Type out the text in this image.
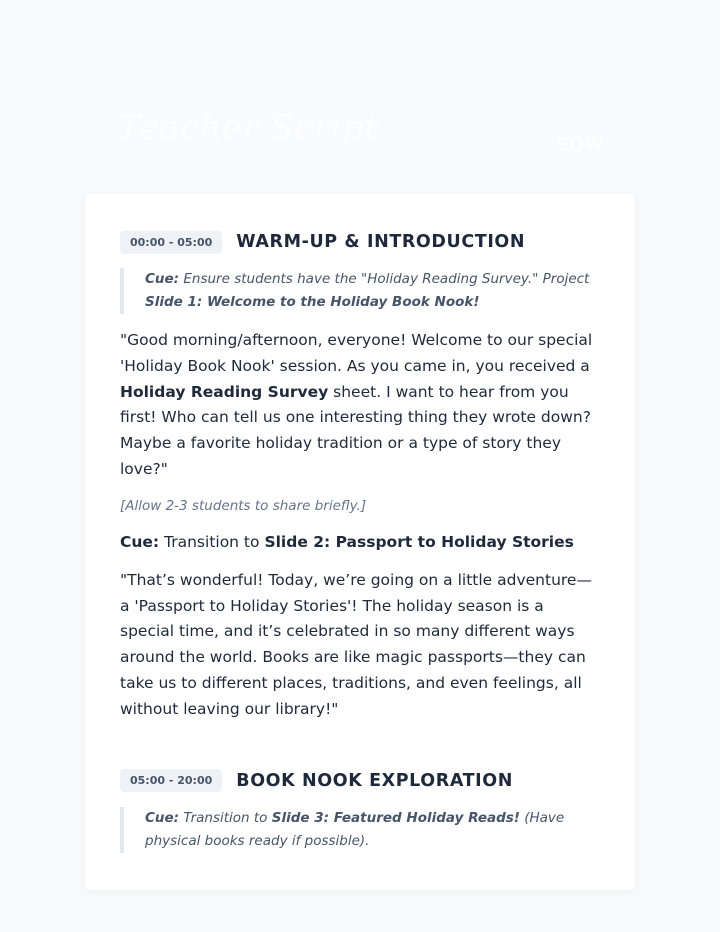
Teacher Script	SOW
00:00 - 05:00	WARM-UP & INTRODUCTION
Cue: Ensure students have the "Holiday Reading Survey." Project Slide 1: Welcome to the Holiday Book Nook!

"Good morning/afternoon, everyone! Welcome to our special 'Holiday Book Nook' session. As you came in, you received a Holiday Reading Survey sheet. I want to hear from you first! Who can tell us one interesting thing they wrote down? Maybe a favorite holiday tradition or a type of story they love?"

[Allow 2-3 students to share briefly.]

Cue: Transition to Slide 2: Passport to Holiday Stories

"That’s wonderful! Today, we’re going on a little adventure—a 'Passport to Holiday Stories'! The holiday season is a special time, and it’s celebrated in so many different ways around the world. Books are like magic passports—they can take us to different places, traditions, and even feelings, all without leaving our library!"

05:00 - 20:00	BOOK NOOK EXPLORATION
Cue: Transition to Slide 3: Featured Holiday Reads! (Have physical books ready if possible).
